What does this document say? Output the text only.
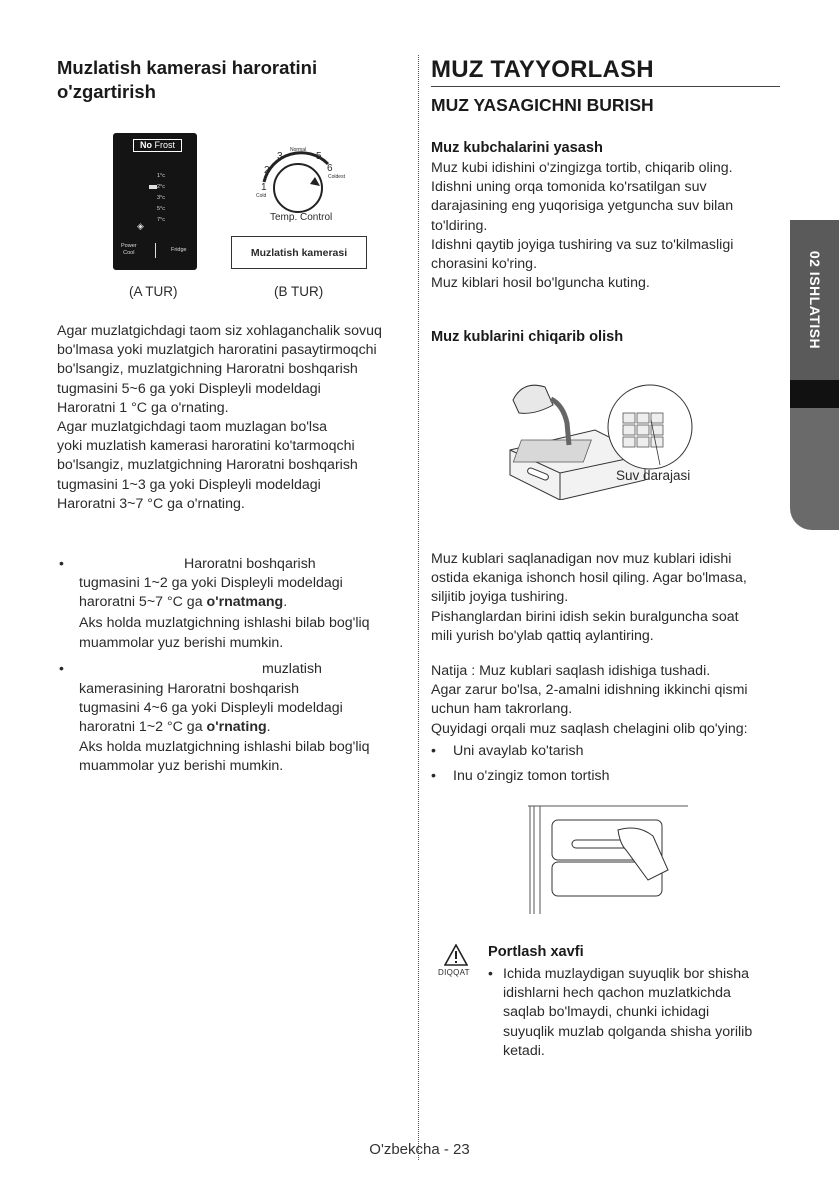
Muzlatish kamerasi haroratini
o'zgartirish
No Frost
1°c
2°c
3°c
5°c
7°c
◈
Power
Cool	Fridge
(A TUR)
1
2
3	5
6
Normal
Coldest
Cold
Temp. Control
Muzlatish kamerasi
(B TUR)
Agar muzlatgichdagi taom siz xohlaganchalik sovuq
bo'lmasa yoki muzlatgich haroratini pasaytirmoqchi
bo'lsangiz, muzlatgichning Haroratni boshqarish
tugmasini 5~6 ga yoki Displeyli modeldagi
Haroratni 1 °C ga o'rnating.
Agar muzlatgichdagi taom muzlagan bo'lsa
yoki muzlatish kamerasi haroratini ko'tarmoqchi
bo'lsangiz, muzlatgichning Haroratni boshqarish
tugmasini 1~3 ga yoki Displeyli modeldagi
Haroratni 3~7 °C ga o'rnating.
•	Haroratni boshqarish
tugmasini 1~2 ga yoki Displeyli modeldagi
haroratni 5~7 °C ga o'rnatmang.
Aks holda muzlatgichning ishlashi bilab bog'liq
muammolar yuz berishi mumkin.
•	muzlatish
kamerasining Haroratni boshqarish
tugmasini 4~6 ga yoki Displeyli modeldagi
haroratni 1~2 °C ga o'rnating.
Aks holda muzlatgichning ishlashi bilab bog'liq
muammolar yuz berishi mumkin.
MUZ TAYYORLASH
MUZ YASAGICHNI BURISH
Muz kubchalarini yasash
Muz kubi idishini o'zingizga tortib, chiqarib oling.
Idishni uning orqa tomonida ko'rsatilgan suv
darajasining eng yuqorisiga yetguncha suv bilan
to'ldiring.
Idishni qaytib joyiga tushiring va suz to'kilmasligi
chorasini ko'ring.
Muz kiblari hosil bo'lguncha kuting.
Muz kublarini chiqarib olish
Suv darajasi
Muz kublari saqlanadigan nov muz kublari idishi
ostida ekaniga ishonch hosil qiling. Agar bo'lmasa,
siljitib joyiga tushiring.
Pishanglardan birini idish sekin buralguncha soat
mili yurish bo'ylab qattiq aylantiring.
Natija : Muz kublari saqlash idishiga tushadi.
Agar zarur bo'lsa, 2-amalni idishning ikkinchi qismi
uchun ham takrorlang.
Quyidagi orqali muz saqlash chelagini olib qo'ying:
• Uni avaylab ko'tarish
• Inu o'zingiz tomon tortish
DIQQAT
Portlash xavfi
• Ichida muzlaydigan suyuqlik bor shisha
idishlarni hech qachon muzlatkichda
saqlab bo'lmaydi, chunki ichidagi
suyuqlik muzlab qolganda shisha yorilib
ketadi.
02 ISHLATISH
O'zbekcha - 23
